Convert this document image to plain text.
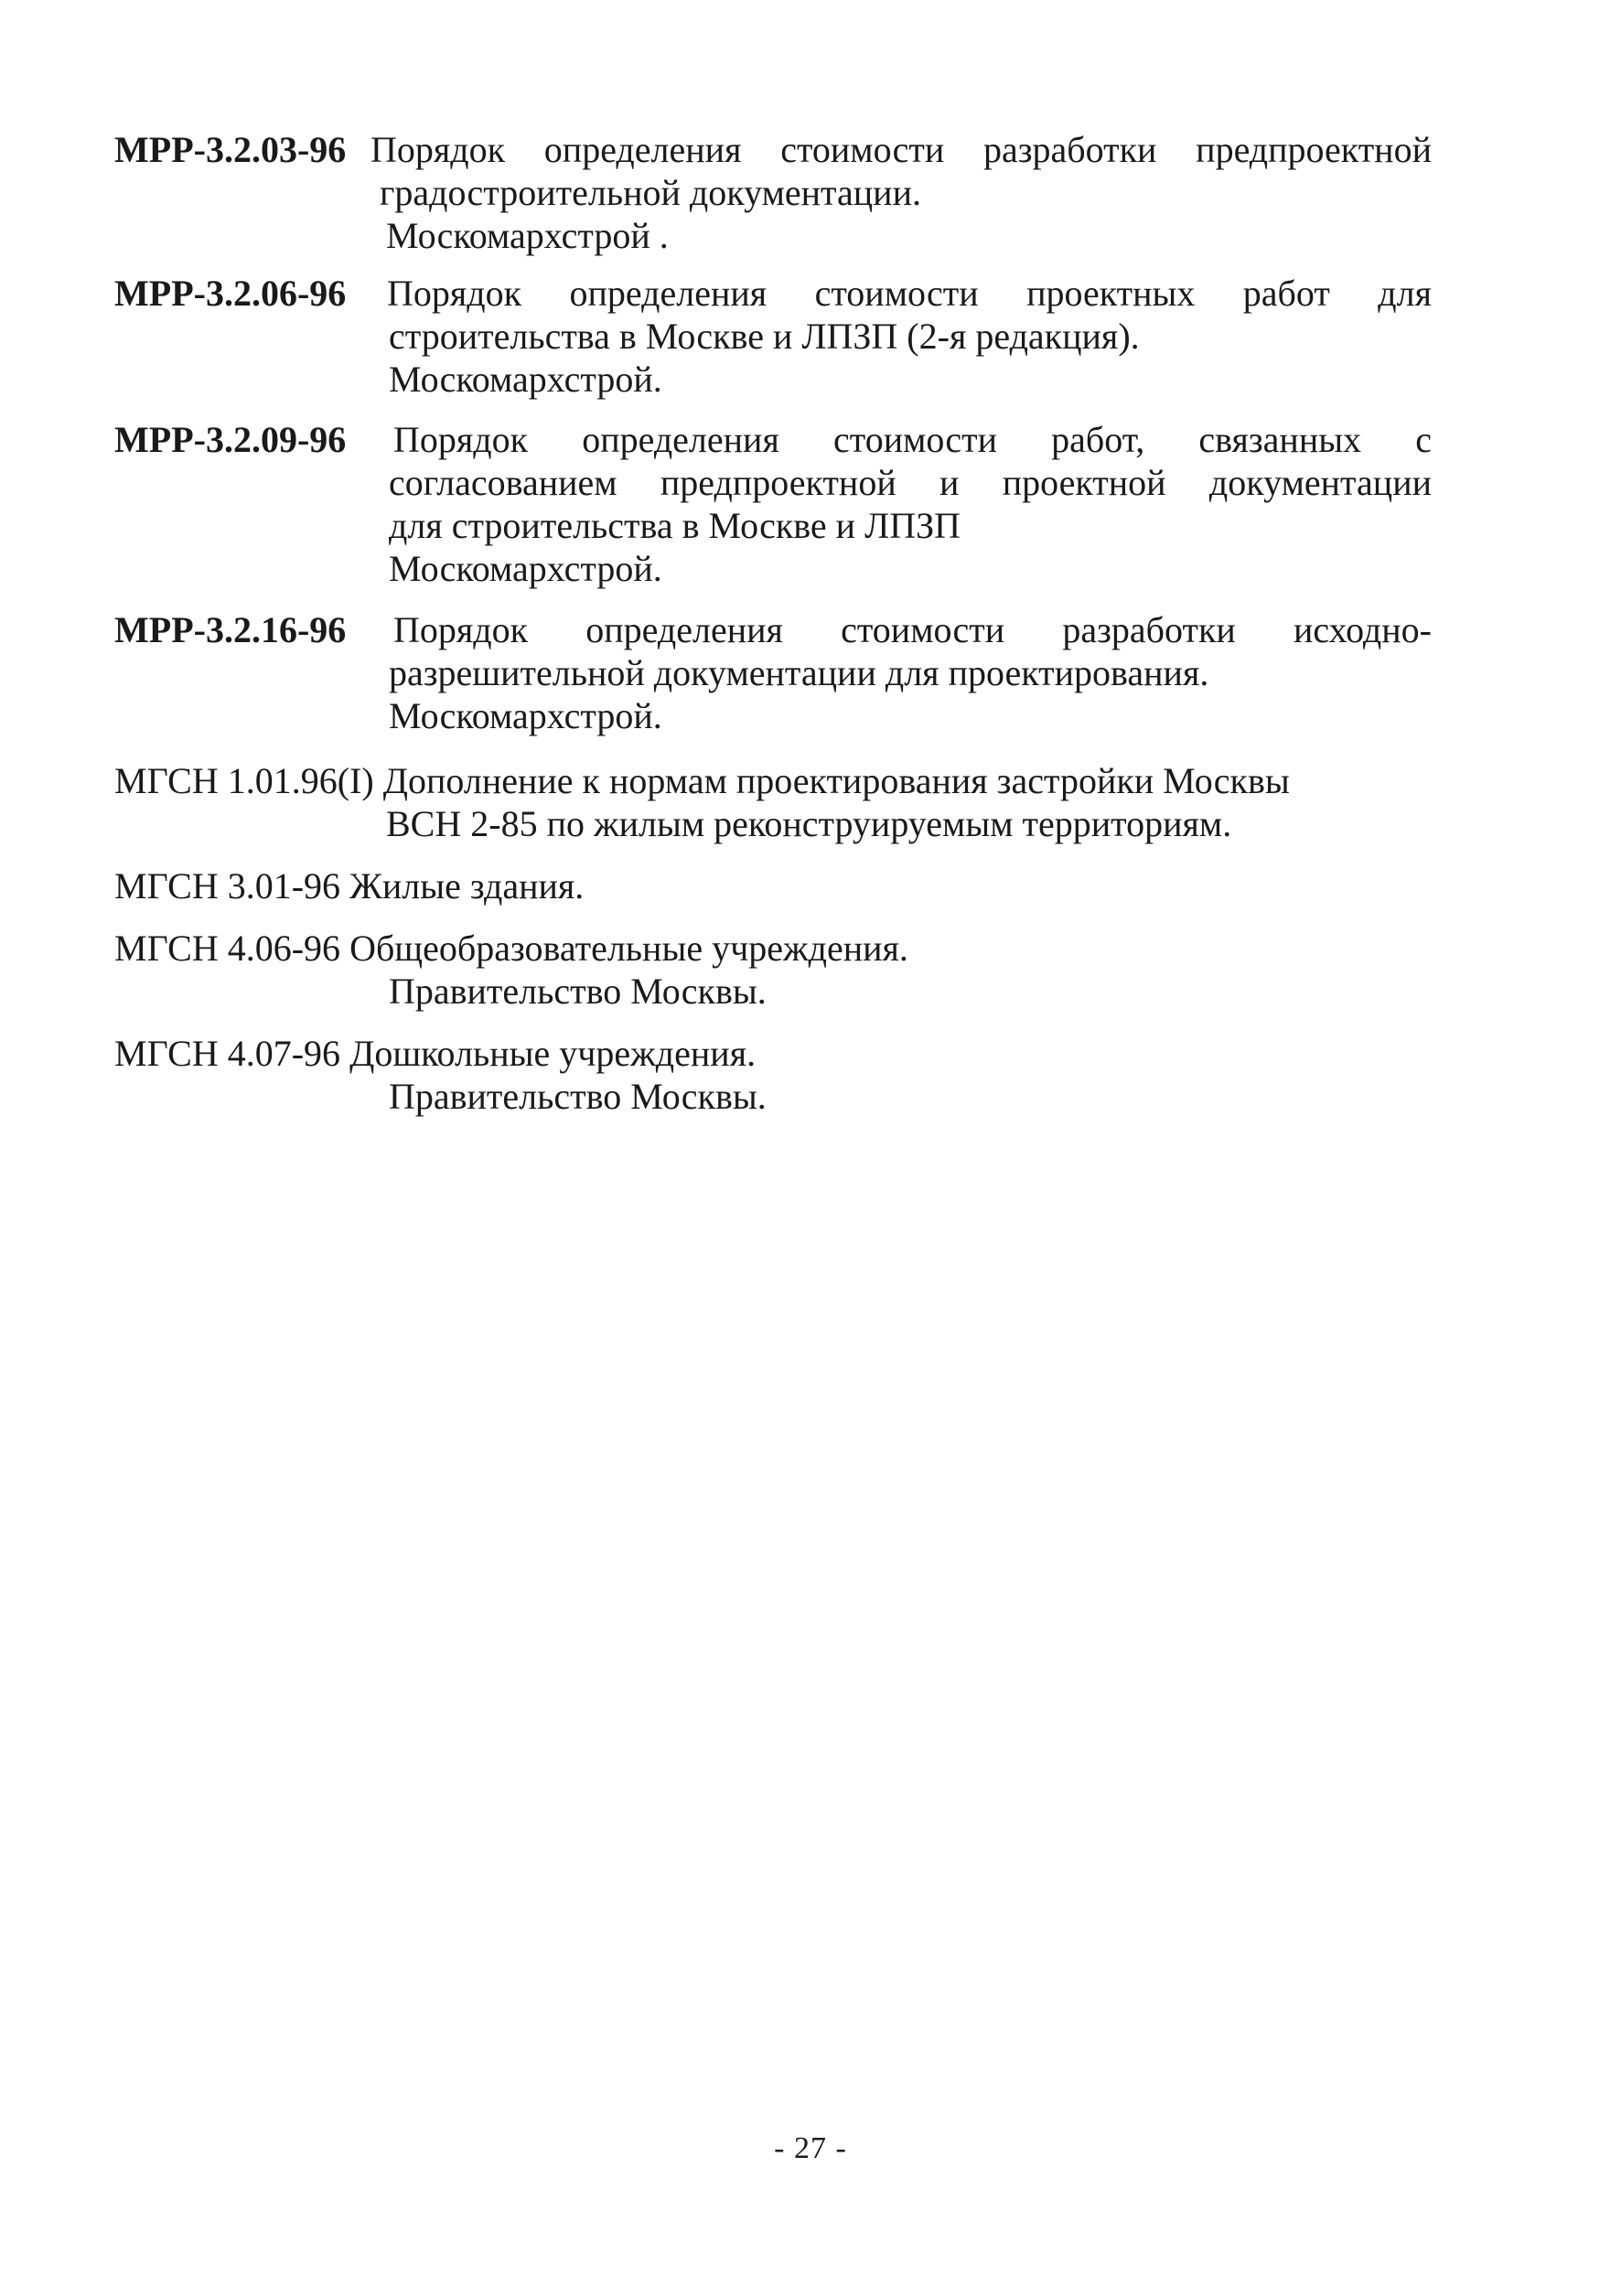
МРР-3.2.03-96 Порядок определения стоимости разработки предпроектной
градостроительной документации.
Москомархстрой .
МРР-3.2.06-96 Порядок определения стоимости проектных работ для
строительства в Москве и ЛПЗП (2-я редакция).
Москомархстрой.
МРР-3.2.09-96 Порядок определения стоимости работ, связанных с
согласованием предпроектной и проектной документации
для строительства в Москве и ЛПЗП
Москомархстрой.
МРР-3.2.16-96 Порядок определения стоимости разработки исходно-
разрешительной документации для проектирования.
Москомархстрой.
МГСН 1.01.96(I) Дополнение к нормам проектирования застройки Москвы
ВСН 2-85 по жилым реконструируемым территориям.
МГСН 3.01-96 Жилые здания.
МГСН 4.06-96 Общеобразовательные учреждения.
Правительство Москвы.
МГСН 4.07-96 Дошкольные учреждения.
Правительство Москвы.
- 27 -
